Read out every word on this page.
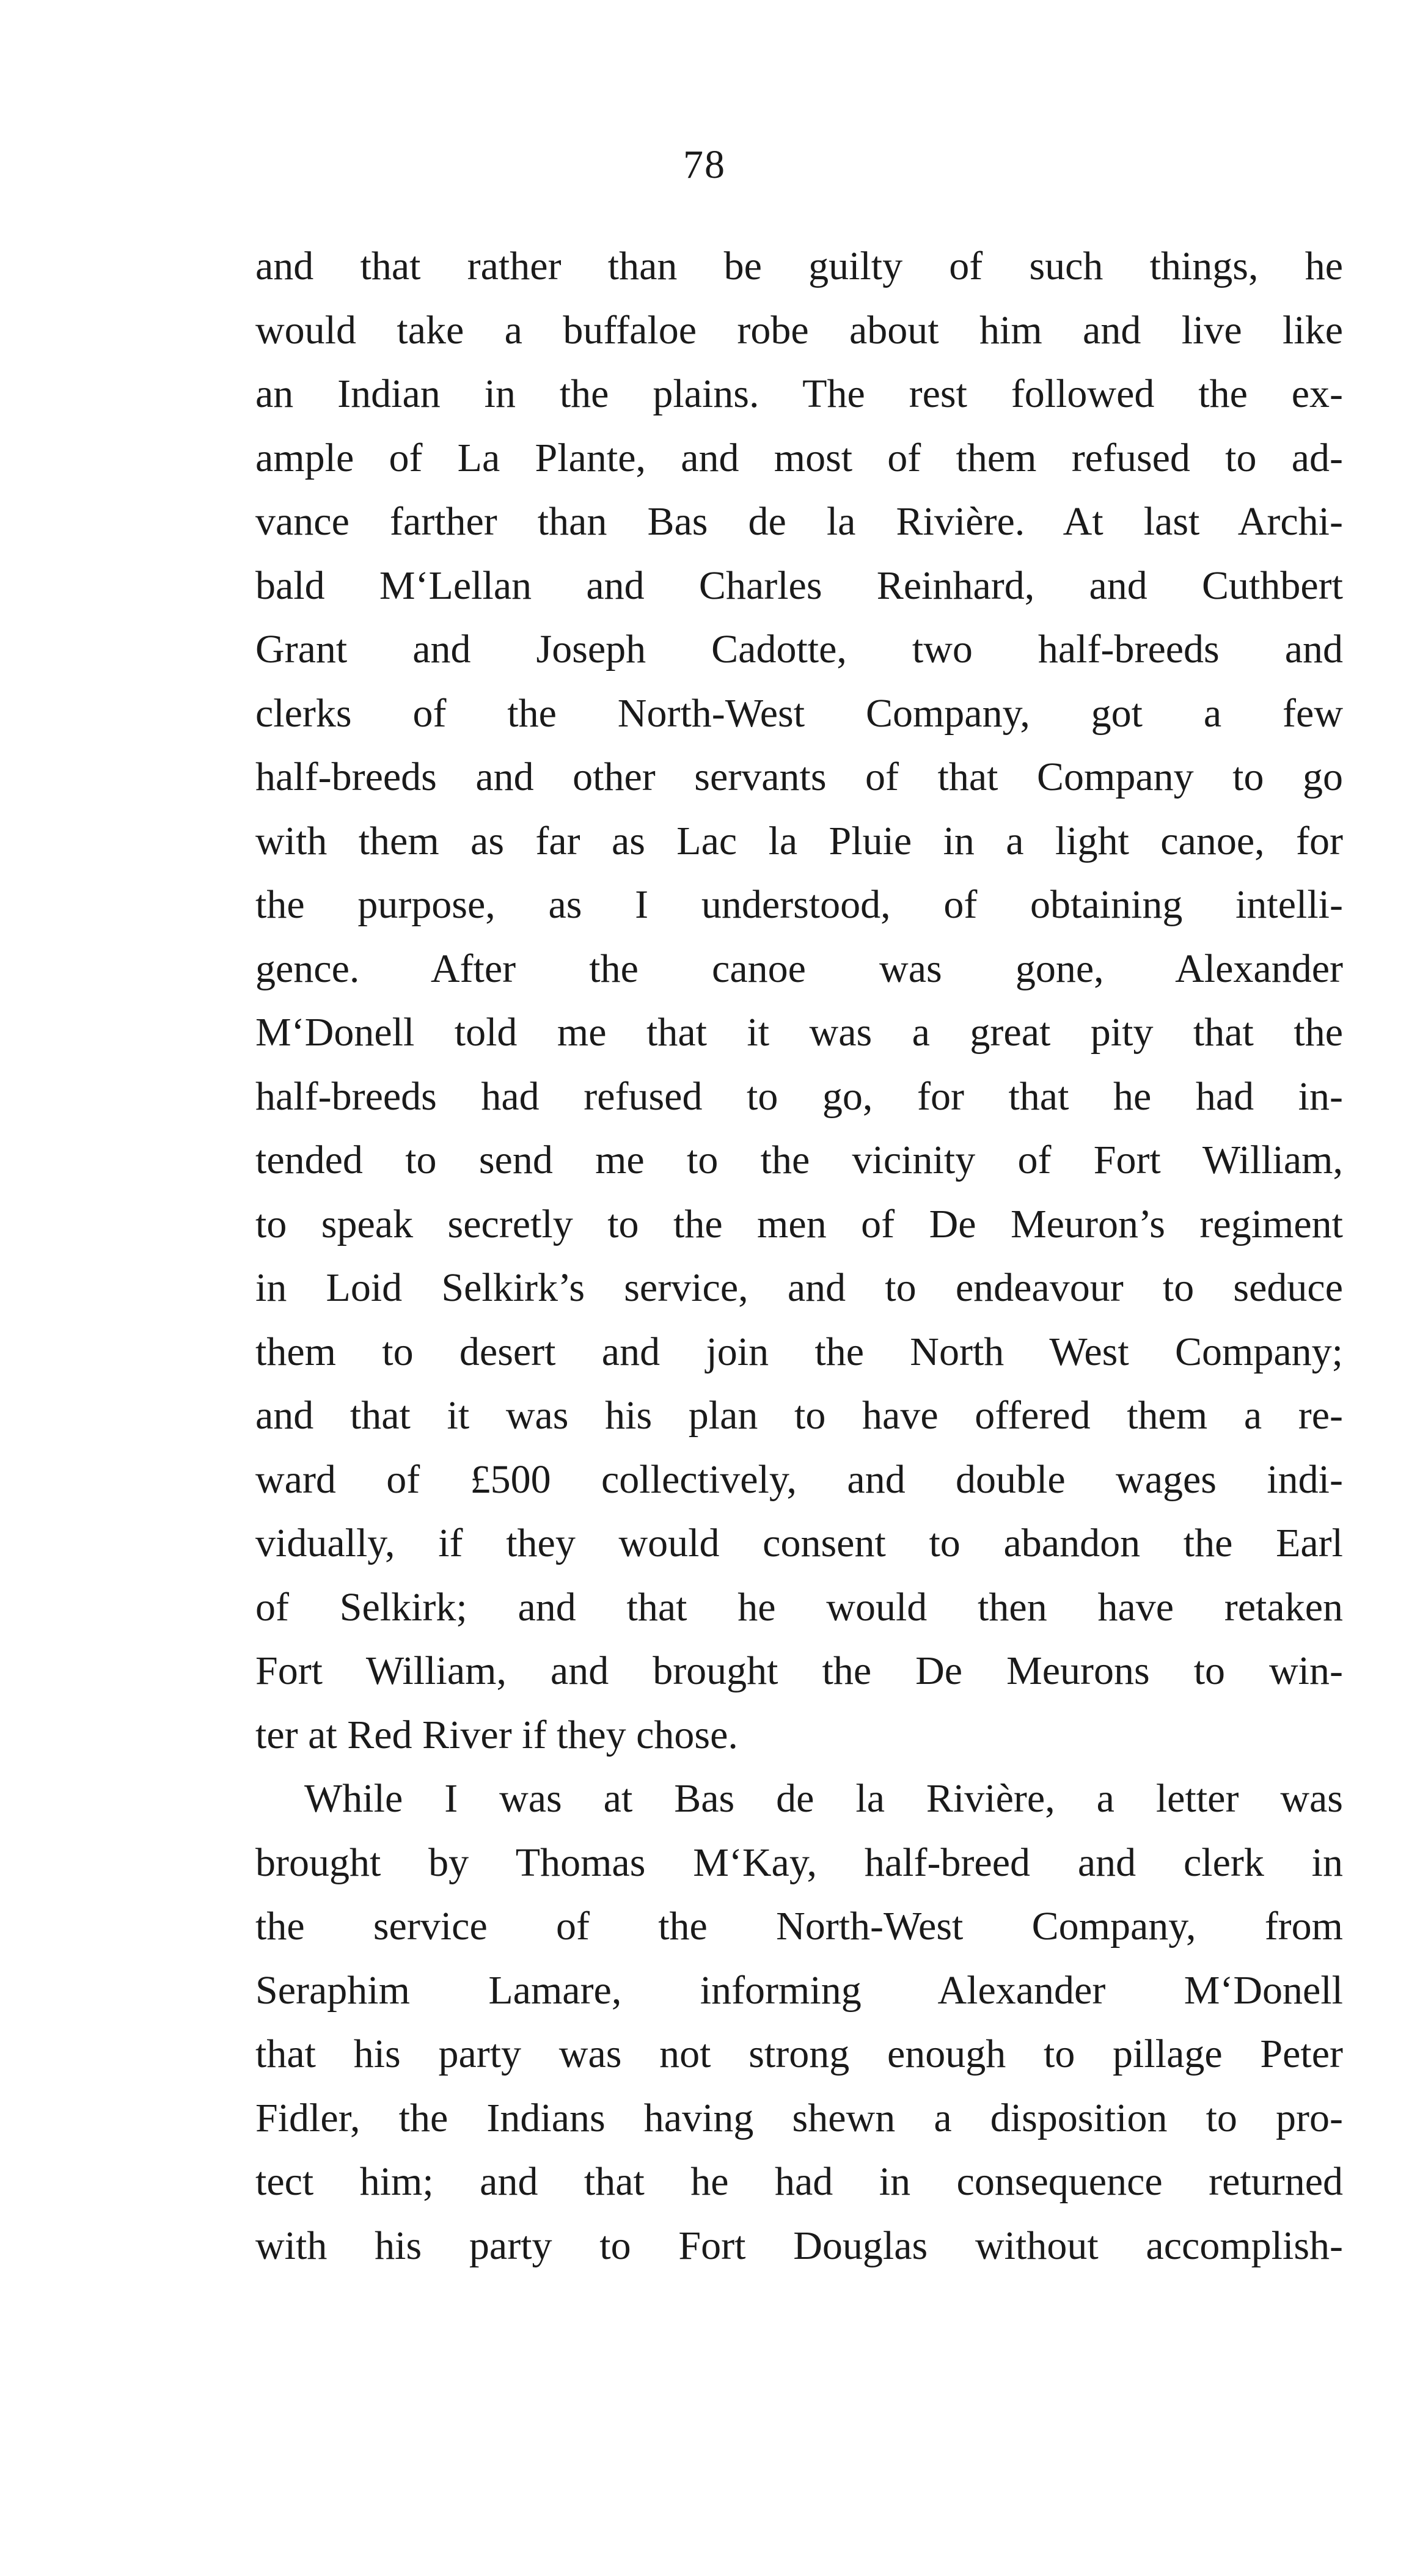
78
and that rather than be guilty of such things, he
would take a buffaloe robe about him and live like
an Indian in the plains. The rest followed the ex-
ample of La Plante, and most of them refused to ad-
vance farther than Bas de la Rivière. At last Archi-
bald M‘Lellan and Charles Reinhard, and Cuthbert
Grant and Joseph Cadotte, two half-breeds and
clerks of the North-West Company, got a few
half-breeds and other servants of that Company to go
with them as far as Lac la Pluie in a light canoe, for
the purpose, as I understood, of obtaining intelli-
gence. After the canoe was gone, Alexander
M‘Donell told me that it was a great pity that the
half-breeds had refused to go, for that he had in-
tended to send me to the vicinity of Fort William,
to speak secretly to the men of De Meuron’s regiment
in Loid Selkirk’s service, and to endeavour to seduce
them to desert and join the North West Company;
and that it was his plan to have offered them a re-
ward of £500 collectively, and double wages indi-
vidually, if they would consent to abandon the Earl
of Selkirk; and that he would then have retaken
Fort William, and brought the De Meurons to win-
ter at Red River if they chose.
While I was at Bas de la Rivière, a letter was
brought by Thomas M‘Kay, half-breed and clerk in
the service of the North-West Company, from
Seraphim Lamare, informing Alexander M‘Donell
that his party was not strong enough to pillage Peter
Fidler, the Indians having shewn a disposition to pro-
tect him; and that he had in consequence returned
with his party to Fort Douglas without accomplish-
